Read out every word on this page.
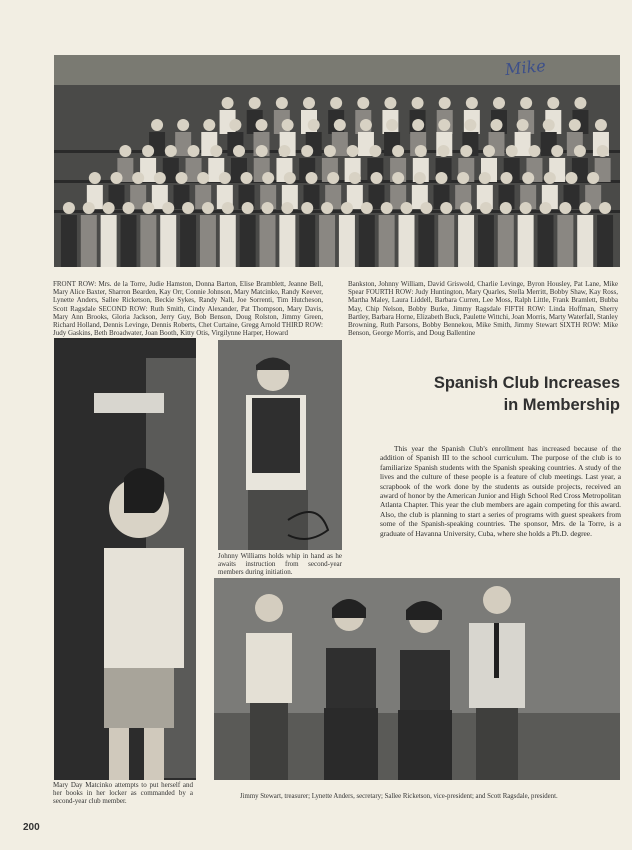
Mike
FRONT ROW: Mrs. de la Torre, Judie Hamston, Donna Barton, Elise Bramblett, Jeanne Bell, Mary Alice Baxter, Sharron Bearden, Kay Orr, Connie Johnson, Mary Matcinko, Randy Keever, Lynette Anders, Sallee Ricketson, Beckie Sykes, Randy Nall, Joe Sorrenti, Tim Hutcheson, Scott Ragsdale SECOND ROW: Ruth Smith, Cindy Alexander, Pat Thompson, Mary Davis, Mary Ann Brooks, Gloria Jackson, Jerry Guy, Bob Benson, Doug Rolston, Jimmy Green, Richard Holland, Dennis Levinge, Dennis Roberts, Chet Curtaine, Gregg Arnold THIRD ROW: Judy Gaskins, Beth Broadwater, Joan Booth, Kitty Otis, Virgilynne Harper, Howard
Bankston, Johnny William, David Griswold, Charlie Levinge, Byron Housley, Pat Lane, Mike Spear FOURTH ROW: Judy Huntington, Mary Quarles, Stella Merritt, Bobby Shaw, Kay Ross, Martha Maley, Laura Liddell, Barbara Curren, Lee Moss, Ralph Little, Frank Bramlett, Bubba May, Chip Nelson, Bobby Burke, Jimmy Ragsdale FIFTH ROW: Linda Hoffman, Sherry Bartley, Barbara Horne, Elizabeth Buck, Paulette Wittchi, Joan Morris, Marty Waterfall, Stanley Browning, Ruth Parsons, Bobby Bennekou, Mike Smith, Jimmy Stewart SIXTH ROW: Mike Benson, George Morris, and Doug Ballentine
Mary Day Matcinko attempts to put herself and her books in her locker as commanded by a second-year club member.
Johnny Williams holds whip in hand as he awaits instruction from second-year members during initiation.
Spanish Club Increases
in Membership
This year the Spanish Club's enrollment has increased because of the addition of Spanish III to the school curriculum. The purpose of the club is to familiarize Spanish students with the Spanish speaking countries. A study of the lives and the culture of these people is a feature of club meetings. Last year, a scrapbook of the work done by the students as outside projects, received an award of honor by the American Junior and High School Red Cross Metropolitan Atlanta Chapter. This year the club members are again competing for this award. Also, the club is planning to start a series of programs with guest speakers from some of the Spanish-speaking countries. The sponsor, Mrs. de la Torre, is a graduate of Havanna University, Cuba, where she holds a Ph.D. degree.
Jimmy Stewart, treasurer; Lynette Anders, secretary; Sallee Ricketson, vice-president; and Scott Ragsdale, president.
200
